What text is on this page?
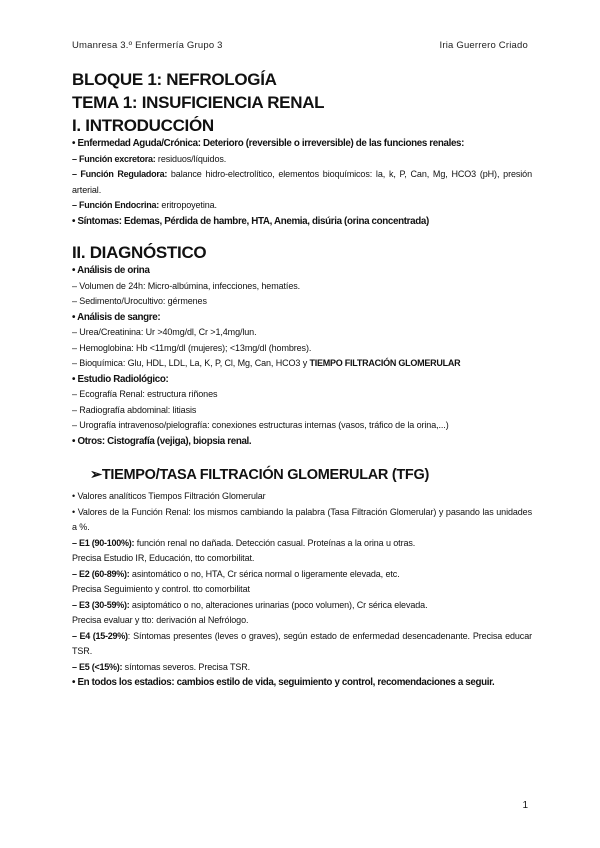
Umanresa 3.º Enfermería Grupo 3	Iria Guerrero Criado

BLOQUE 1: NEFROLOGÍA

TEMA 1: INSUFICIENCIA RENAL

I. INTRODUCCIÓN

• Enfermedad Aguda/Crónica: Deterioro (reversible o irreversible) de las funciones renales:

– Función excretora: residuos/líquidos.

– Función Reguladora: balance hidro-electrolítico, elementos bioquímicos: la, k, P, Can, Mg, HCO3 (pH), presión arterial.

– Función Endocrina: eritropoyetina.

• Síntomas: Edemas, Pérdida de hambre, HTA, Anemia, disúria (orina concentrada)

II. DIAGNÓSTICO

• Análisis de orina

– Volumen de 24h: Micro-albúmina, infecciones, hematíes.

– Sedimento/Urocultivo: gérmenes

• Análisis de sangre:

– Urea/Creatinina: Ur >40mg/dl, Cr >1,4mg/lun.

– Hemoglobina: Hb <11mg/dl (mujeres); <13mg/dl (hombres).

– Bioquímica: Glu, HDL, LDL, La, K, P, Cl, Mg, Can, HCO3 y TIEMPO FILTRACIÓN GLOMERULAR

• Estudio Radiológico:

– Ecografía Renal: estructura riñones

– Radiografía abdominal: litiasis

– Urografía intravenoso/pielografía: conexiones estructuras internas (vasos, tráfico de la orina,...)

• Otros: Cistografía (vejiga), biopsia renal.

➢TIEMPO/TASA FILTRACIÓN GLOMERULAR (TFG)

• Valores analíticos Tiempos Filtración Glomerular

• Valores de la Función Renal: los mismos cambiando la palabra (Tasa Filtración Glomerular) y pasando las unidades a %.

– E1 (90-100%): función renal no dañada. Detección casual. Proteínas a la orina u otras.

Precisa Estudio IR, Educación, tto comorbilitat.

– E2 (60-89%): asintomático o no, HTA, Cr sérica normal o ligeramente elevada, etc.

Precisa Seguimiento y control. tto comorbilitat

– E3 (30-59%): asiptomático o no, alteraciones urinarias (poco volumen), Cr sérica elevada.

Precisa evaluar y tto: derivación al Nefrólogo.

– E4 (15-29%): Síntomas presentes (leves o graves), según estado de enfermedad desencadenante. Precisa educar TSR.

– E5 (<15%): síntomas severos. Precisa TSR.

• En todos los estadios: cambios estilo de vida, seguimiento y control, recomendaciones a seguir.

1
